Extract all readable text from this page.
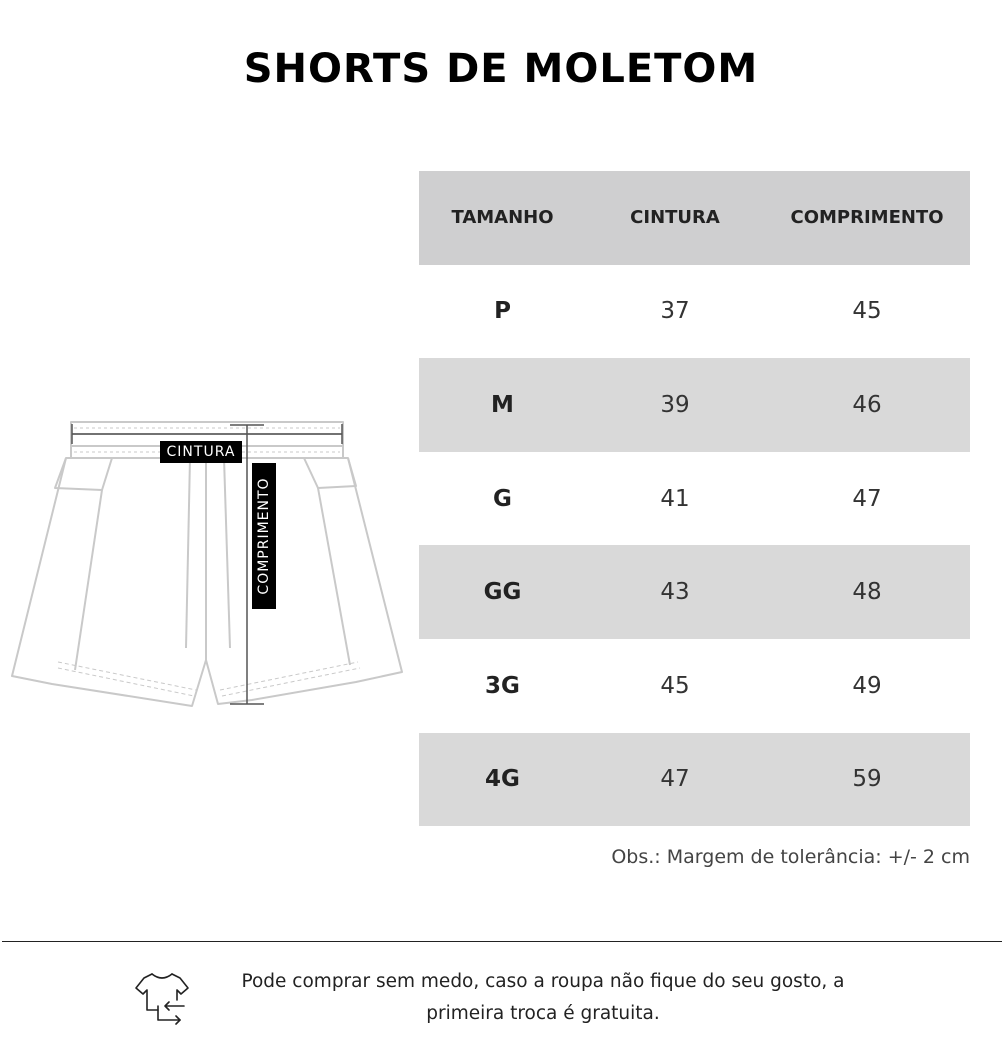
SHORTS DE MOLETOM
CINTURA
COMPRIMENTO
TAMANHO	CINTURA	COMPRIMENTO
P	37	45
M	39	46
G	41	47
GG	43	48
3G	45	49
4G	47	59
Obs.: Margem de tolerância: +/- 2 cm
Pode comprar sem medo, caso a roupa não fique do seu gosto, a
primeira troca é gratuita.
